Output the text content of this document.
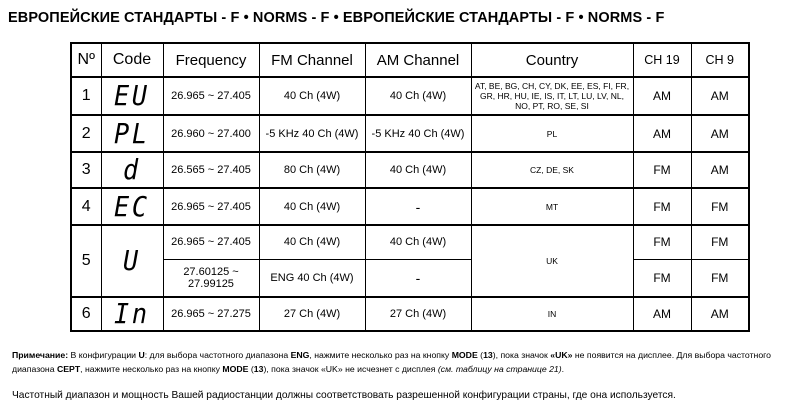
ЕВРОПЕЙСКИЕ СТАНДАРТЫ - F • NORMS - F • ЕВРОПЕЙСКИЕ СТАНДАРТЫ - F • NORMS - F
Nº	Code	Frequency	FM Channel	AM Channel	Country	CH 19	CH 9
1	EU	26.965 ~ 27.405	40 Ch (4W)	40 Ch (4W)	AT, BE, BG, CH, CY, DK, EE, ES, FI, FR, GR, HR, HU, IE, IS, IT, LT, LU, LV, NL, NO, PT, RO, SE, SI	AM	AM
2	PL	26.960 ~ 27.400	-5 KHz 40 Ch (4W)	-5 KHz 40 Ch (4W)	PL	AM	AM
3	d	26.565 ~ 27.405	80 Ch (4W)	40 Ch (4W)	CZ, DE, SK	FM	AM
4	EC	26.965 ~ 27.405	40 Ch (4W)	-	MT	FM	FM
5	U	26.965 ~ 27.405	40 Ch (4W)	40 Ch (4W)	UK	FM	FM
		27.60125 ~ 27.99125	ENG 40 Ch (4W)	-		FM	FM
6	In	26.965 ~ 27.275	27 Ch (4W)	27 Ch (4W)	IN	AM	AM
Примечание: В конфигурации U: для выбора частотного диапазона ENG, нажмите несколько раз на кнопку MODE (13), пока значок «UK» не появится на дисплее. Для выбора частотного диапазона CEPT, нажмите несколько раз на кнопку MODE (13), пока значок «UK» не исчезнет с дисплея (см. таблицу на странице 21).
Частотный диапазон и мощность Вашей радиостанции должны соответствовать разрешенной конфигурации страны, где она используется.
